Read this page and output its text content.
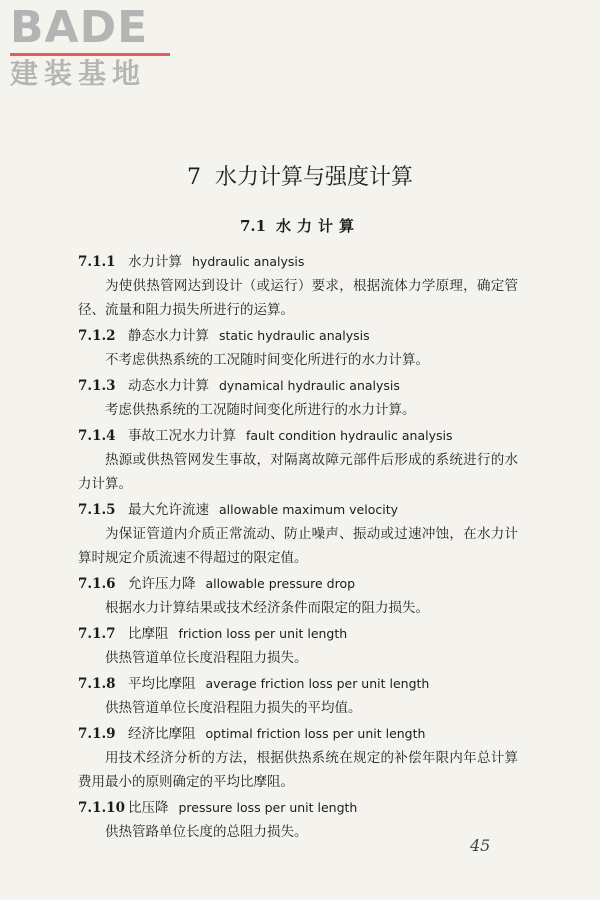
BADE
建装基地
7 水力计算与强度计算
7.1 水力计算
7.1.1 水力计算 hydraulic analysis
为使供热管网达到设计（或运行）要求，根据流体力学原理，确定管径、流量和阻力损失所进行的运算。
7.1.2 静态水力计算 static hydraulic analysis
不考虑供热系统的工况随时间变化所进行的水力计算。
7.1.3 动态水力计算 dynamical hydraulic analysis
考虑供热系统的工况随时间变化所进行的水力计算。
7.1.4 事故工况水力计算 fault condition hydraulic analysis
热源或供热管网发生事故，对隔离故障元部件后形成的系统进行的水力计算。
7.1.5 最大允许流速 allowable maximum velocity
为保证管道内介质正常流动、防止噪声、振动或过速冲蚀，在水力计算时规定介质流速不得超过的限定值。
7.1.6 允许压力降 allowable pressure drop
根据水力计算结果或技术经济条件而限定的阻力损失。
7.1.7 比摩阻 friction loss per unit length
供热管道单位长度沿程阻力损失。
7.1.8 平均比摩阻 average friction loss per unit length
供热管道单位长度沿程阻力损失的平均值。
7.1.9 经济比摩阻 optimal friction loss per unit length
用技术经济分析的方法，根据供热系统在规定的补偿年限内年总计算费用最小的原则确定的平均比摩阻。
7.1.10 比压降 pressure loss per unit length
供热管路单位长度的总阻力损失。
45
